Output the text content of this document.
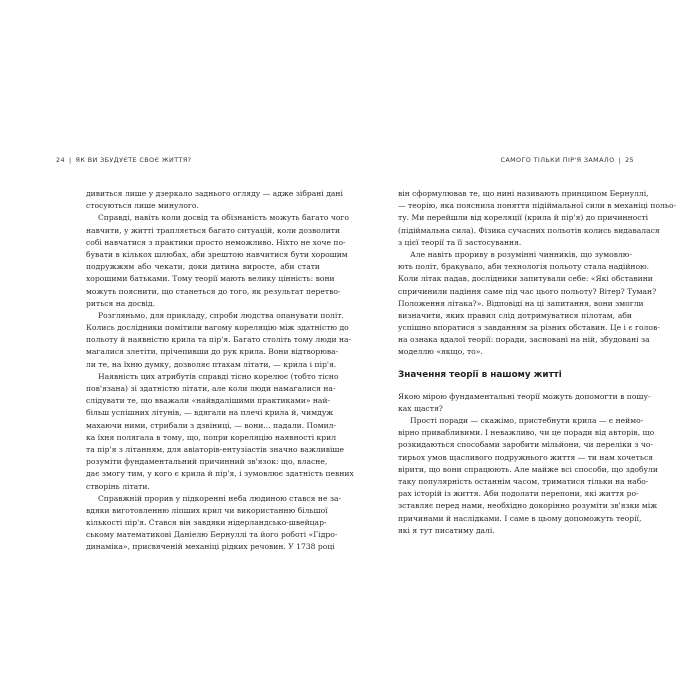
24 | ЯК ВИ ЗБУДУЄТЕ СВОЄ ЖИТТЯ?	САМОГО ТІЛЬКИ ПІР'Я ЗАМАЛО | 25
дивиться лише у дзеркало заднього огляду — адже зібрані дані
стосуються лише минулого.
Справді, навіть коли досвід та обізнаність можуть багато чого
навчити, у житті трапляється багато ситуацій, коли дозволити
собі навчатися з практики просто неможливо. Ніхто не хоче по-
бувати в кількох шлюбах, аби зрештою навчитися бути хорошим
подружжям або чекати, доки дитина виросте, аби стати
хорошими батьками. Тому теорії мають велику цінність: вони
можуть пояснити, що станеться до того, як результат перетво-
риться на досвід.
Розгляньмо, для прикладу, спроби людства опанувати політ.
Колись дослідники помітили вагому кореляцію між здатністю до
польоту й наявністю крила та пір'я. Багато століть тому люди на-
магалися злетіти, прічепивши до рук крила. Вони відтворюва-
ли те, на їхню думку, дозволяє птахам літати, — крила і пір'я.
Наявність цих атрибутів справді тісно корелює (тобто тісно
пов'язана) зі здатністю літати, але коли люди намагалися на-
слідувати те, що вважали «найвдалішими практиками» най-
більш успішних літунів, — вдягали на плечі крила й, чимдуж
махаючи ними, стрибали з дзвіниці, — вони... падали. Помил-
ка їхня полягала в тому, що, попри кореляцію наявності крил
та пір'я з літанням, для авіаторів-ентузіастів значно важливіше
розуміти фундаментальний причинний зв'язок: що, власне,
дає змогу тим, у кого є крила й пір'я, і зумовлює здатність певних
створінь літати.
Справжній прорив у підкоренні неба людиною стався не за-
вдяки виготовленню ліпших крил чи використанню більшої
кількості пір'я. Стався він завдяки нідерландсько-швейцар-
ському математикові Даніелю Бернуллі та його роботі «Гідро-
динаміка», присвяченій механіці рідких речовин. У 1738 році
він сформулював те, що нині називають принципом Бернуллі,
— теорію, яка пояснила поняття підіймальної сили в механіці польо-
ту. Ми перейшли від кореляції (крила й пір'я) до причинності
(підіймальна сила). Фізика сучасних польотів колись видавалася
з цієї теорії та її застосування.
Але навіть прориву в розумінні чинників, що зумовлю-
ють політ, бракувало, аби технологія польоту стала надійною.
Коли літак падав, дослідники запитували себе: «Які обставини
спричинили падіння саме під час цього польоту? Вітер? Туман?
Положення літака?». Відповіді на ці запитання, вони змогли
визначити, яких правил слід дотримуватися пілотам, аби
успішно впоратися з завданням за різних обставин. Це і є голов-
на ознака вдалої теорії: поради, засновані на ній, збудовані за
моделлю «якщо, то».
Значення теорії в нашому житті
Якою мірою фундаментальні теорії можуть допомогти в пошу-
ках щастя?
Прості поради — скажімо, пристебнути крила — є неймо-
вірно привабливими. І неважливо, чи це поради від авторів, що
розкидаються способами заробити мільйони, чи переліки з чо-
тирьох умов щасливого подружнього життя — ти нам хочеться
вірити, що вони спрацюють. Але майже всі способи, що здобули
таку популярність останнім часом, триматися тільки на набо-
рах історій із життя. Аби подолати перепони, які життя ро-
зставляє перед нами, необхідно докорінно розуміти зв'язки між
причинами й наслідками. І саме в цьому допоможуть теорії,
які я тут писатиму далі.
